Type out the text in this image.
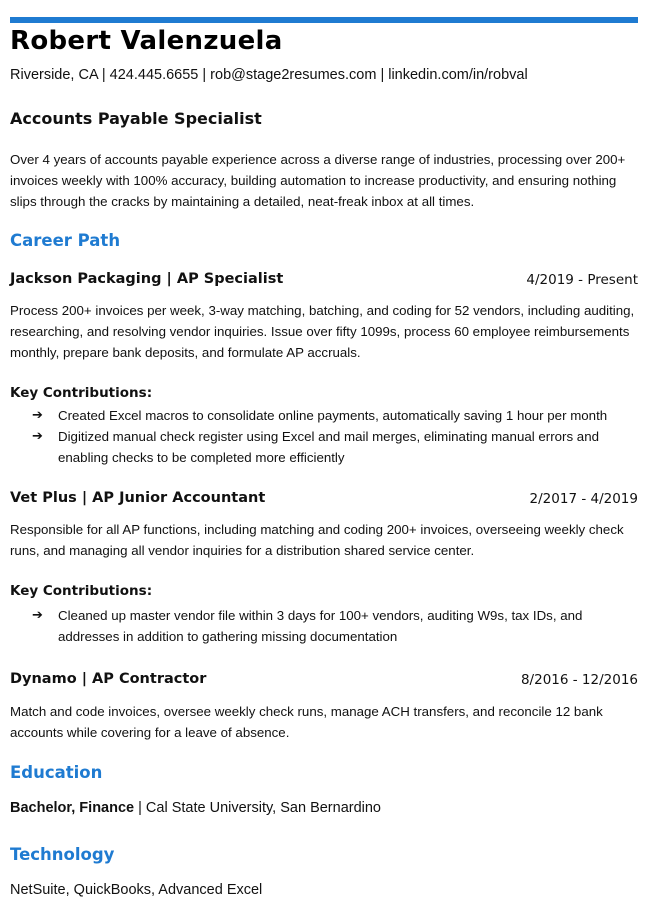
Robert Valenzuela
Riverside, CA | 424.445.6655 | rob@stage2resumes.com | linkedin.com/in/robval
Accounts Payable Specialist
Over 4 years of accounts payable experience across a diverse range of industries, processing over 200+ invoices weekly with 100% accuracy, building automation to increase productivity, and ensuring nothing slips through the cracks by maintaining a detailed, neat-freak inbox at all times.
Career Path
Jackson Packaging | AP Specialist	4/2019 - Present
Process 200+ invoices per week, 3-way matching, batching, and coding for 52 vendors, including auditing, researching, and resolving vendor inquiries. Issue over fifty 1099s, process 60 employee reimbursements monthly, prepare bank deposits, and formulate AP accruals.
Key Contributions:
➔ Created Excel macros to consolidate online payments, automatically saving 1 hour per month
➔ Digitized manual check register using Excel and mail merges, eliminating manual errors and enabling checks to be completed more efficiently
Vet Plus | AP Junior Accountant	2/2017 - 4/2019
Responsible for all AP functions, including matching and coding 200+ invoices, overseeing weekly check runs, and managing all vendor inquiries for a distribution shared service center.
Key Contributions:
➔ Cleaned up master vendor file within 3 days for 100+ vendors, auditing W9s, tax IDs, and addresses in addition to gathering missing documentation
Dynamo | AP Contractor	8/2016 - 12/2016
Match and code invoices, oversee weekly check runs, manage ACH transfers, and reconcile 12 bank accounts while covering for a leave of absence.
Education
Bachelor, Finance | Cal State University, San Bernardino
Technology
NetSuite, QuickBooks, Advanced Excel
